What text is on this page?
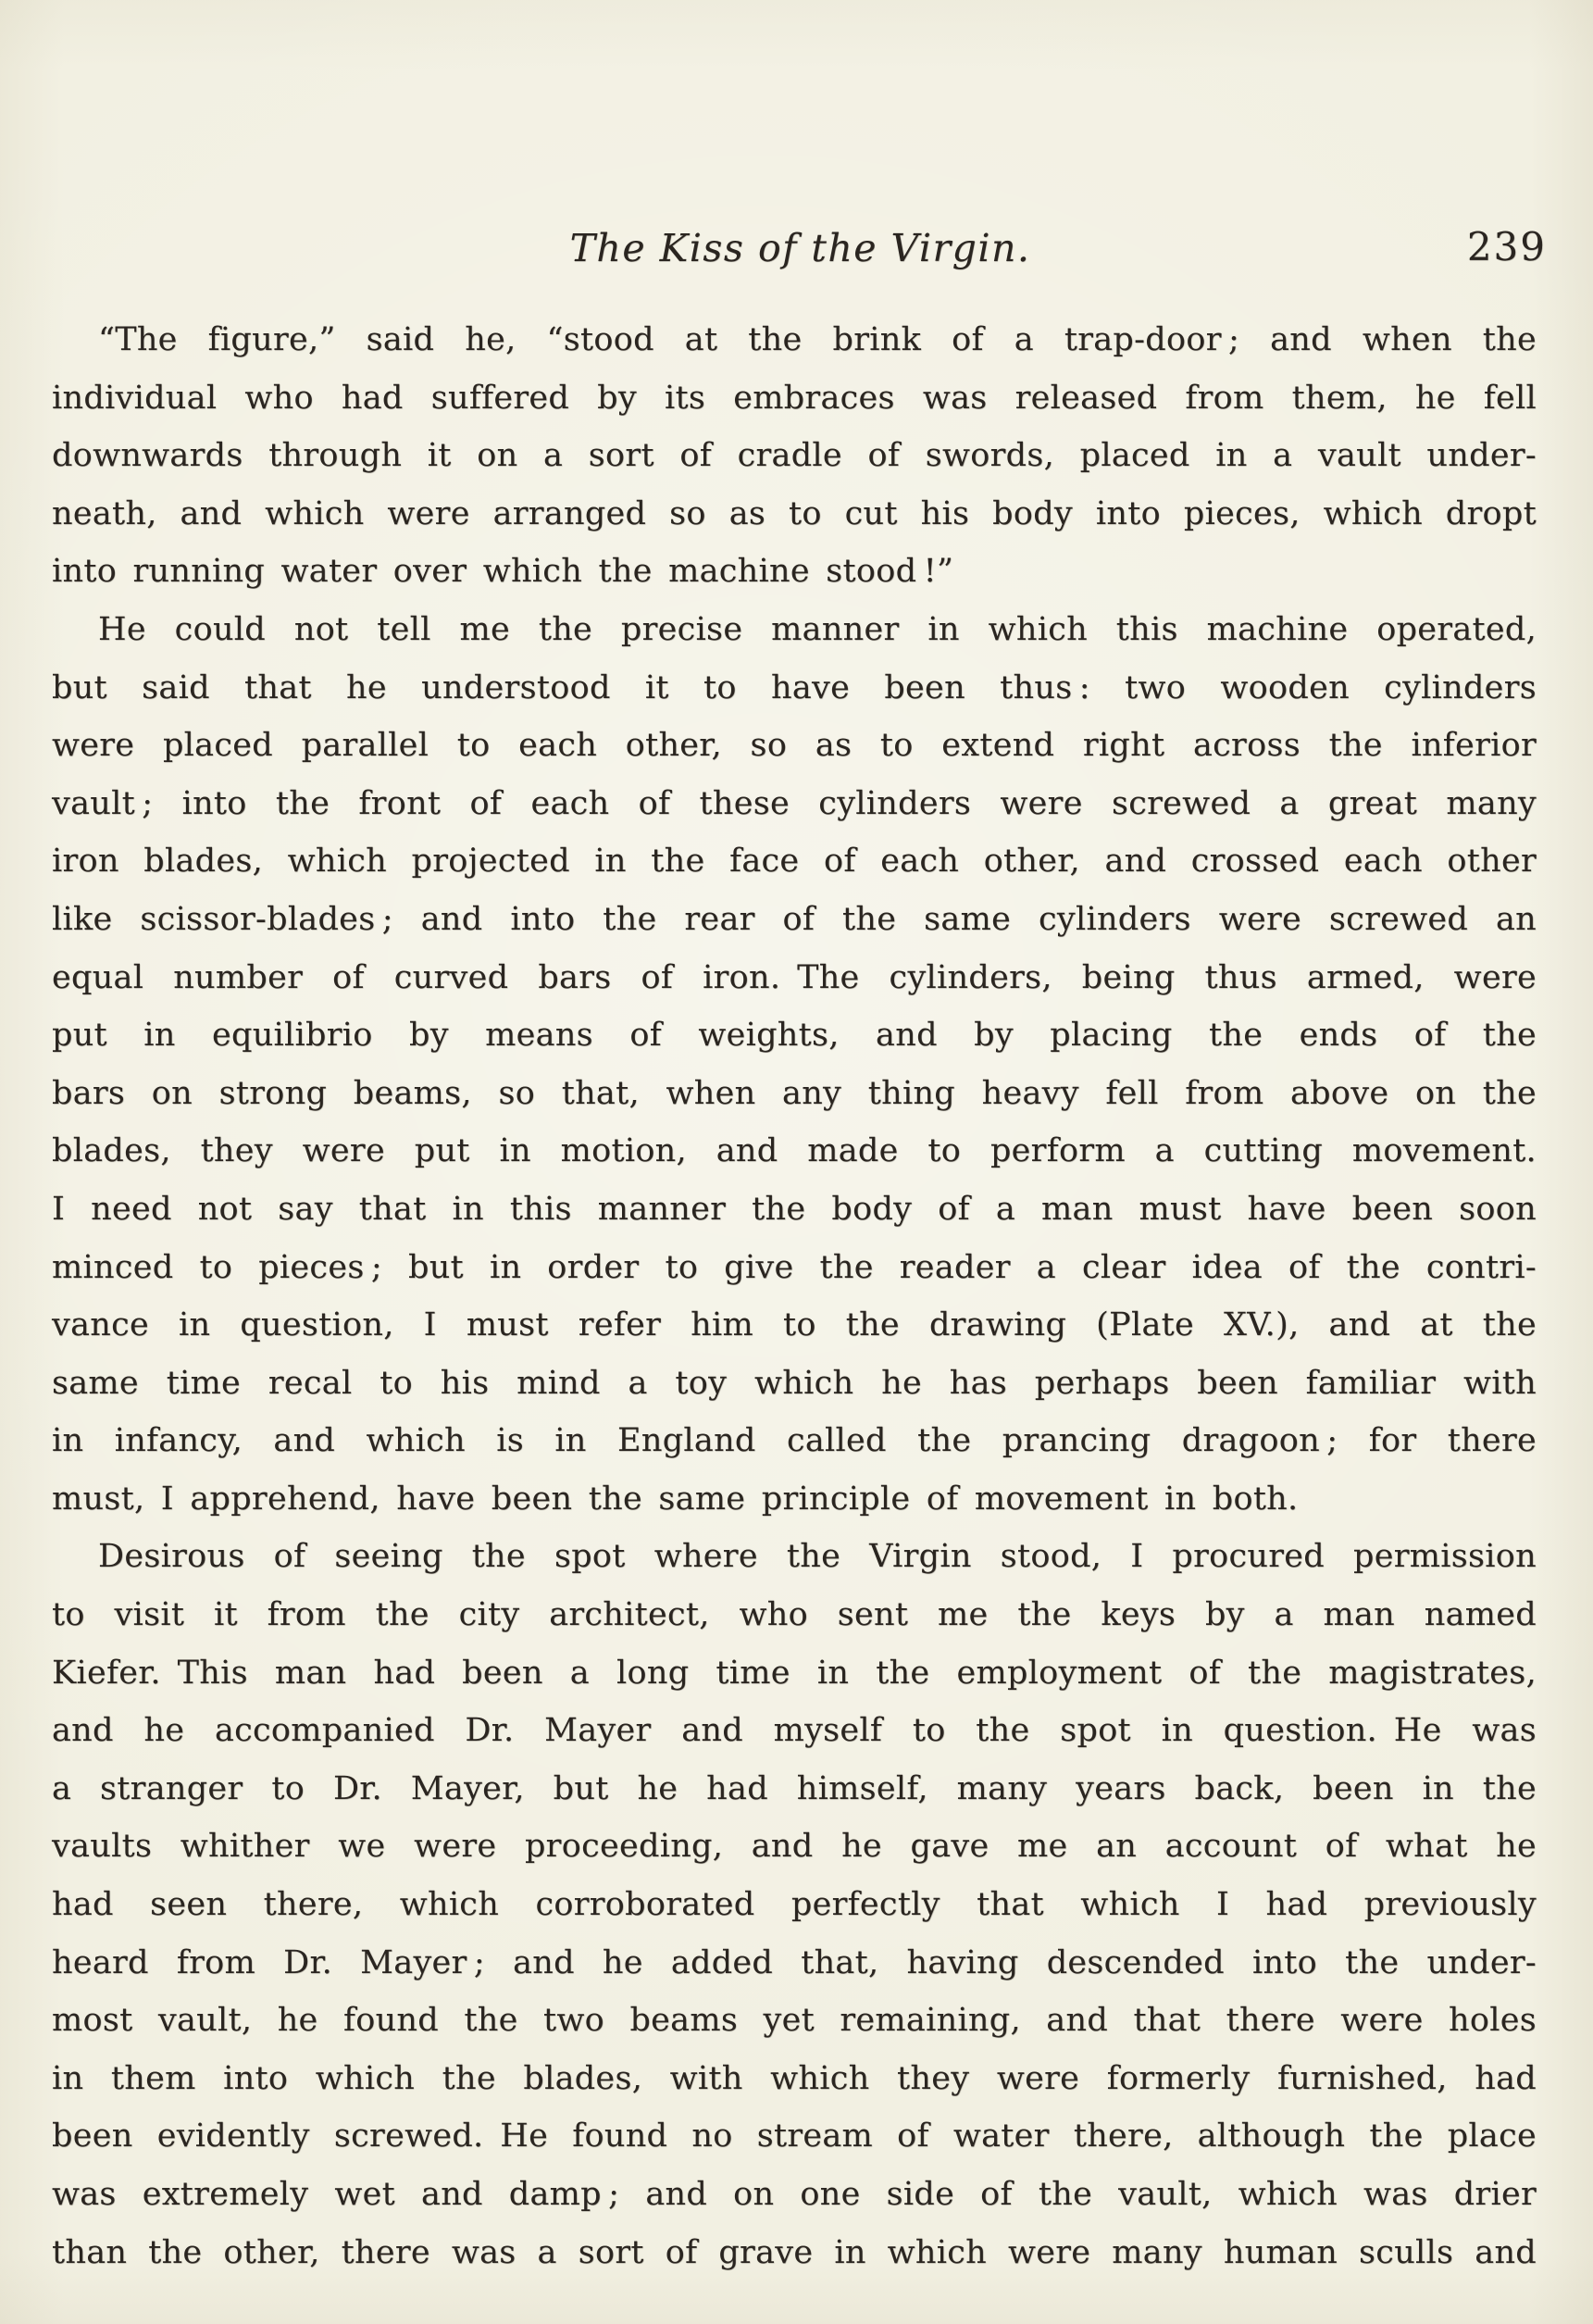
The Kiss of the Virgin.	239
“The figure,” said he, “stood at the brink of a trap-door ; and when the
individual who had suffered by its embraces was released from them, he fell
downwards through it on a sort of cradle of swords, placed in a vault under-
neath, and which were arranged so as to cut his body into pieces, which dropt
into running water over which the machine stood !”
He could not tell me the precise manner in which this machine operated,
but said that he understood it to have been thus : two wooden cylinders
were placed parallel to each other, so as to extend right across the inferior
vault ; into the front of each of these cylinders were screwed a great many
iron blades, which projected in the face of each other, and crossed each other
like scissor-blades ; and into the rear of the same cylinders were screwed an
equal number of curved bars of iron. The cylinders, being thus armed, were
put in equilibrio by means of weights, and by placing the ends of the
bars on strong beams, so that, when any thing heavy fell from above on the
blades, they were put in motion, and made to perform a cutting movement.
I need not say that in this manner the body of a man must have been soon
minced to pieces ; but in order to give the reader a clear idea of the contri-
vance in question, I must refer him to the drawing (Plate XV.), and at the
same time recal to his mind a toy which he has perhaps been familiar with
in infancy, and which is in England called the prancing dragoon ; for there
must, I apprehend, have been the same principle of movement in both.
Desirous of seeing the spot where the Virgin stood, I procured permission
to visit it from the city architect, who sent me the keys by a man named
Kiefer. This man had been a long time in the employment of the magistrates,
and he accompanied Dr. Mayer and myself to the spot in question. He was
a stranger to Dr. Mayer, but he had himself, many years back, been in the
vaults whither we were proceeding, and he gave me an account of what he
had seen there, which corroborated perfectly that which I had previously
heard from Dr. Mayer ; and he added that, having descended into the under-
most vault, he found the two beams yet remaining, and that there were holes
in them into which the blades, with which they were formerly furnished, had
been evidently screwed. He found no stream of water there, although the place
was extremely wet and damp ; and on one side of the vault, which was drier
than the other, there was a sort of grave in which were many human sculls and
